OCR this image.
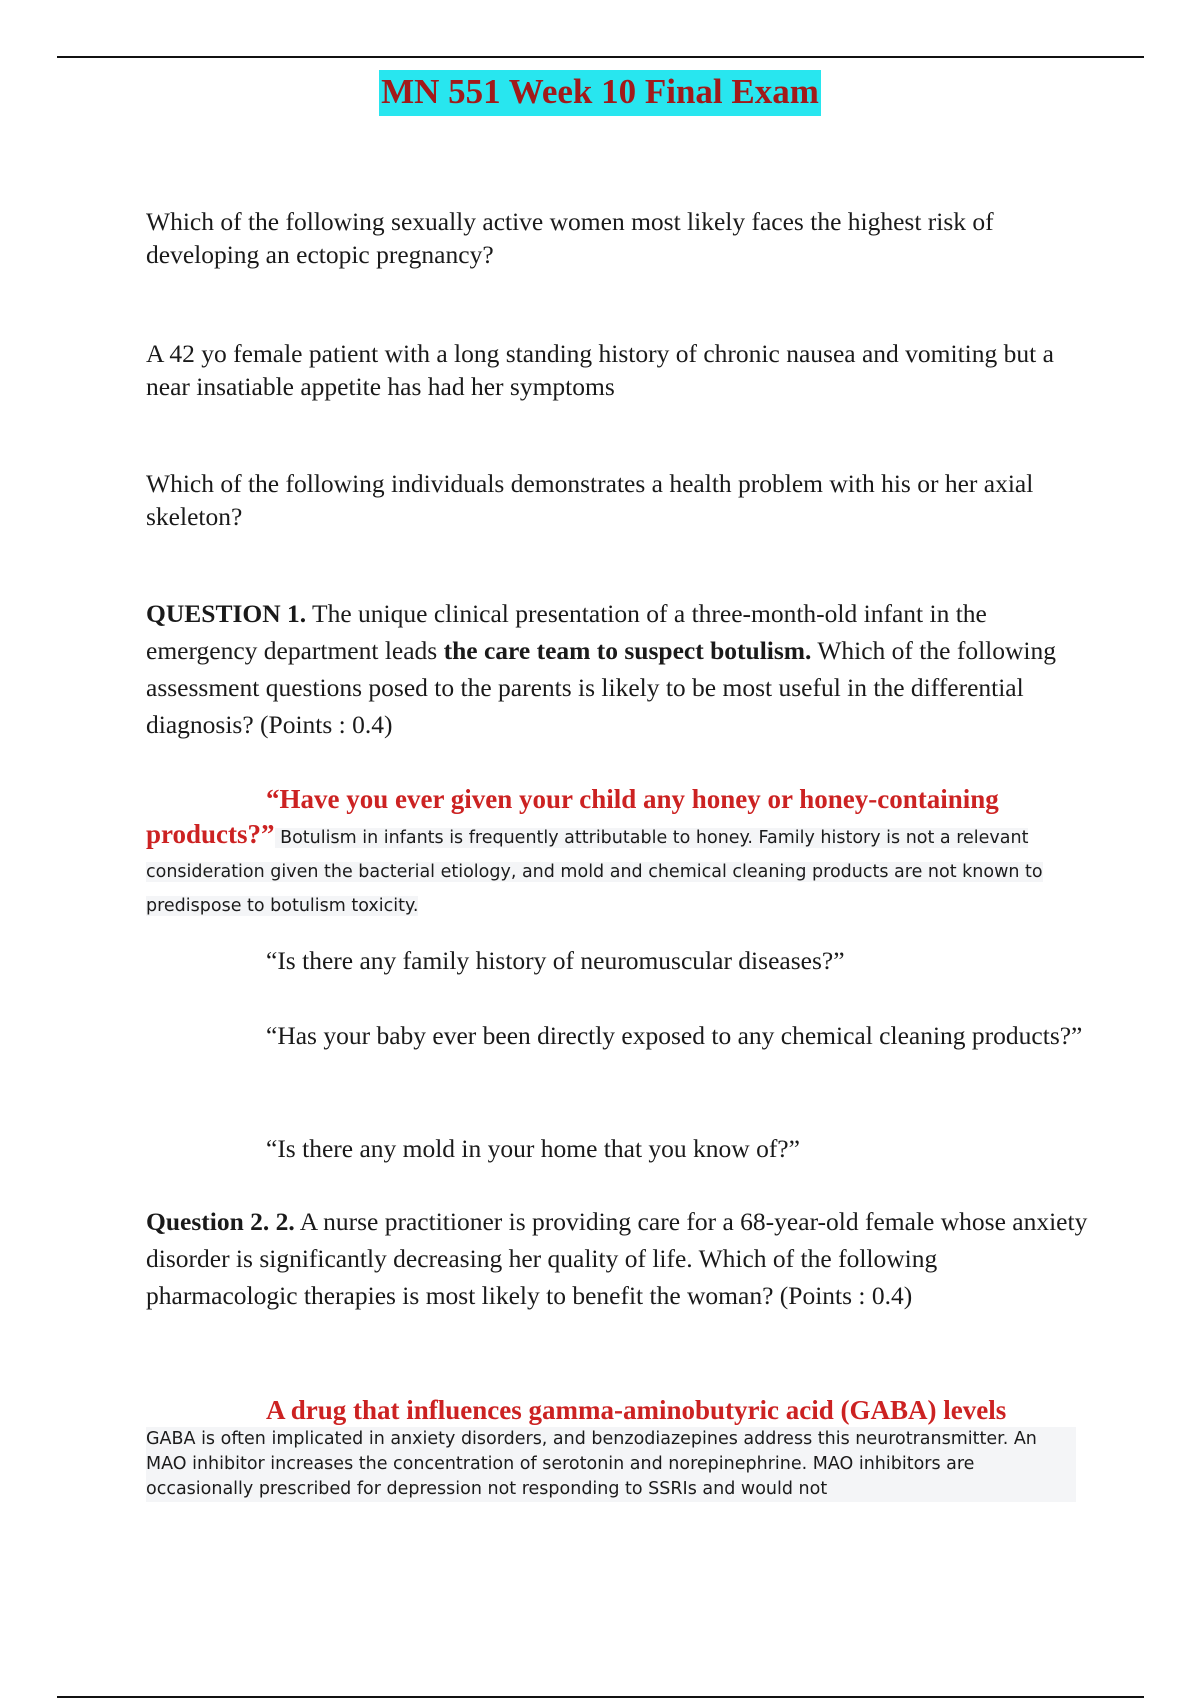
MN 551 Week 10 Final Exam

Which of the following sexually active women most likely faces the highest risk of developing an ectopic pregnancy?

A 42 yo female patient with a long standing history of chronic nausea and vomiting but a near insatiable appetite has had her symptoms

Which of the following individuals demonstrates a health problem with his or her axial skeleton?

QUESTION 1. The unique clinical presentation of a three-month-old infant in the emergency department leads the care team to suspect botulism. Which of the following assessment questions posed to the parents is likely to be most useful in the differential diagnosis? (Points : 0.4)

“Have you ever given your child any honey or honey-containing
products?” Botulism in infants is frequently attributable to honey. Family history is not a relevant consideration given the bacterial etiology, and mold and chemical cleaning products are not known to predispose to botulism toxicity.

“Is there any family history of neuromuscular diseases?”

“Has your baby ever been directly exposed to any chemical cleaning products?”

“Is there any mold in your home that you know of?”

Question 2. 2. A nurse practitioner is providing care for a 68-year-old female whose anxiety disorder is significantly decreasing her quality of life. Which of the following pharmacologic therapies is most likely to benefit the woman? (Points : 0.4)

A drug that influences gamma-aminobutyric acid (GABA) levels
GABA is often implicated in anxiety disorders, and benzodiazepines address this neurotransmitter. An MAO inhibitor increases the concentration of serotonin and norepinephrine. MAO inhibitors are occasionally prescribed for depression not responding to SSRIs and would not
